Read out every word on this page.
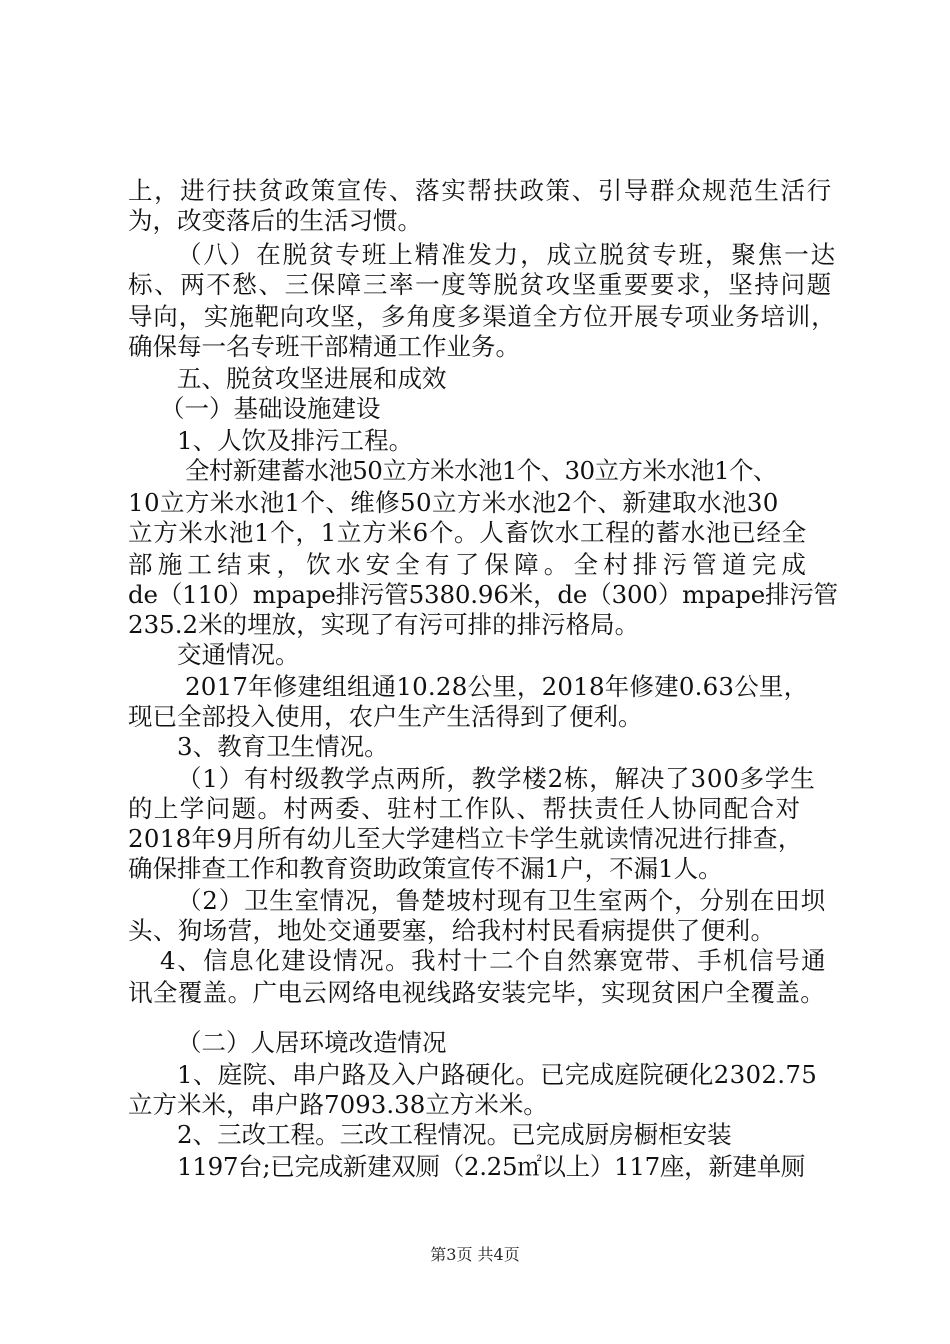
上，进行扶贫政策宣传、落实帮扶政策、引导群众规范生活行

为，改变落后的生活习惯。

（八）在脱贫专班上精准发力，成立脱贫专班，聚焦一达

标、两不愁、三保障三率一度等脱贫攻坚重要要求，坚持问题

导向，实施靶向攻坚，多角度多渠道全方位开展专项业务培训，

确保每一名专班干部精通工作业务。

五、脱贫攻坚进展和成效

（一）基础设施建设

1、人饮及排污工程。

全村新建蓄水池50立方米水池1个、30立方米水池1个、

10立方米水池1个、维修50立方米水池2个、新建取水池30

立方米水池1个，1立方米6个。人畜饮水工程的蓄水池已经全

部施工结束，饮水安全有了保障。全村排污管道完成

de（110）mpape排污管5380.96米，de（300）mpape排污管

235.2米的埋放，实现了有污可排的排污格局。

交通情况。

2017年修建组组通10.28公里，2018年修建0.63公里，

现已全部投入使用，农户生产生活得到了便利。

3、教育卫生情况。

（1）有村级教学点两所，教学楼2栋，解决了300多学生

的上学问题。村两委、驻村工作队、帮扶责任人协同配合对

2018年9月所有幼儿至大学建档立卡学生就读情况进行排查，

确保排查工作和教育资助政策宣传不漏1户，不漏1人。

（2）卫生室情况，鲁楚坡村现有卫生室两个，分别在田坝

头、狗场营，地处交通要塞，给我村村民看病提供了便利。

4、信息化建设情况。我村十二个自然寨宽带、手机信号通

讯全覆盖。广电云网络电视线路安装完毕，实现贫困户全覆盖。

（二）人居环境改造情况

1、庭院、串户路及入户路硬化。已完成庭院硬化2302.75

立方米米，串户路7093.38立方米米。

2、三改工程。三改工程情况。已完成厨房橱柜安装

1197台;已完成新建双厕（2.25㎡以上）117座，新建单厕

第3页 共4页
